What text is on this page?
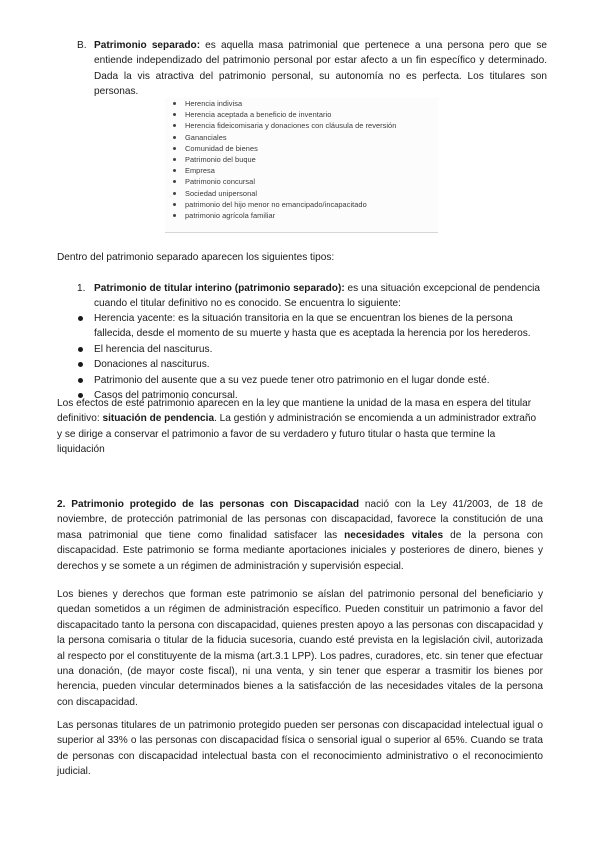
B. Patrimonio separado: es aquella masa patrimonial que pertenece a una persona pero que se entiende independizado del patrimonio personal por estar afecto a un fin específico y determinado. Dada la vis atractiva del patrimonio personal, su autonomía no es perfecta. Los titulares son personas.

Herencia indivisa
Herencia aceptada a beneficio de inventario
Herencia fideicomisaria y donaciones con cláusula de reversión
Gananciales
Comunidad de bienes
Patrimonio del buque
Empresa
Patrimonio concursal
Sociedad unipersonal
patrimonio del hijo menor no emancipado/incapacitado
patrimonio agrícola familiar

Dentro del patrimonio separado aparecen los siguientes tipos:

1. Patrimonio de titular interino (patrimonio separado): es una situación excepcional de pendencia cuando el titular definitivo no es conocido. Se encuentra lo siguiente:

Herencia yacente: es la situación transitoria en la que se encuentran los bienes de la persona fallecida, desde el momento de su muerte y hasta que es aceptada la herencia por los herederos.
El herencia del nasciturus.
Donaciones al nasciturus.
Patrimonio del ausente que a su vez puede tener otro patrimonio en el lugar donde esté.
Casos del patrimonio concursal.

Los efectos de este patrimonio aparecen en la ley que mantiene la unidad de la masa en espera del titular definitivo: situación de pendencia. La gestión y administración se encomienda a un administrador extraño y se dirige a conservar el patrimonio a favor de su verdadero y futuro titular o hasta que termine la liquidación

2. Patrimonio protegido de las personas con Discapacidad nació con la Ley 41/2003, de 18 de noviembre, de protección patrimonial de las personas con discapacidad, favorece la constitución de una masa patrimonial que tiene como finalidad satisfacer las necesidades vitales de la persona con discapacidad. Este patrimonio se forma mediante aportaciones iniciales y posteriores de dinero, bienes y derechos y se somete a un régimen de administración y supervisión especial.

Los bienes y derechos que forman este patrimonio se aíslan del patrimonio personal del beneficiario y quedan sometidos a un régimen de administración específico. Pueden constituir un patrimonio a favor del discapacitado tanto la persona con discapacidad, quienes presten apoyo a las personas con discapacidad y la persona comisaria o titular de la fiducia sucesoria, cuando esté prevista en la legislación civil, autorizada al respecto por el constituyente de la misma (art.3.1 LPP). Los padres, curadores, etc. sin tener que efectuar una donación, (de mayor coste fiscal), ni una venta, y sin tener que esperar a trasmitir los bienes por herencia, pueden vincular determinados bienes a la satisfacción de las necesidades vitales de la persona con discapacidad.

Las personas titulares de un patrimonio protegido pueden ser personas con discapacidad intelectual igual o superior al 33% o las personas con discapacidad física o sensorial igual o superior al 65%. Cuando se trata de personas con discapacidad intelectual basta con el reconocimiento administrativo o el reconocimiento judicial.
